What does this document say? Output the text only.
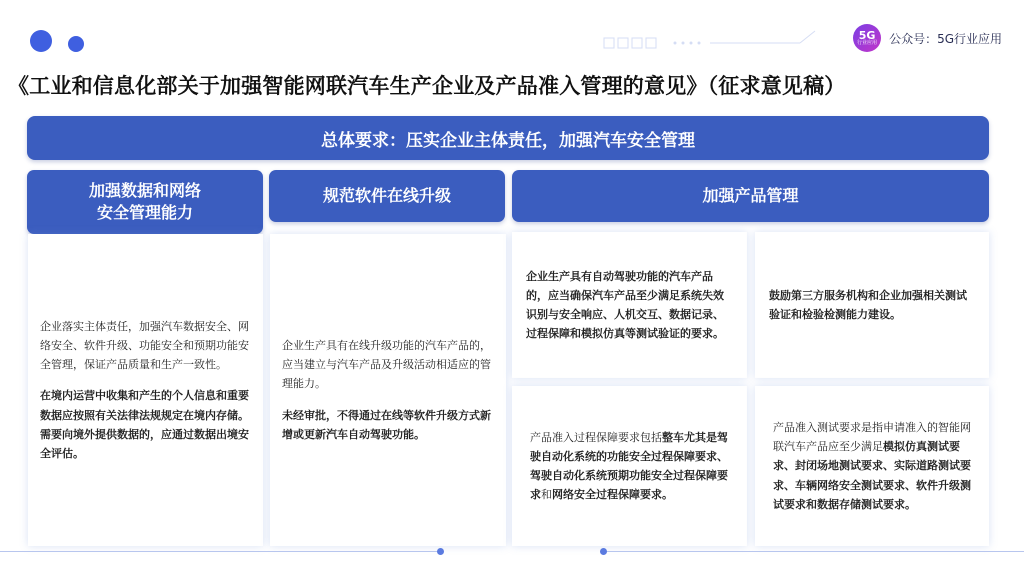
5G
行业应用 公众号：5G行业应用
《工业和信息化部关于加强智能网联汽车生产企业及产品准入管理的意见》（征求意见稿）
总体要求：压实企业主体责任，加强汽车安全管理
加强数据和网络
安全管理能力
规范软件在线升级	加强产品管理

企业落实主体责任，加强汽车数据安全、网络安全、软件升级、功能安全和预期功能安全管理，保证产品质量和生产一致性。

在境内运营中收集和产生的个人信息和重要数据应按照有关法律法规规定在境内存储。需要向境外提供数据的，应通过数据出境安全评估。

企业生产具有在线升级功能的汽车产品的，应当建立与汽车产品及升级活动相适应的管理能力。

未经审批，不得通过在线等软件升级方式新增或更新汽车自动驾驶功能。

企业生产具有自动驾驶功能的汽车产品的，应当确保汽车产品至少满足系统失效识别与安全响应、人机交互、数据记录、过程保障和模拟仿真等测试验证的要求。

鼓励第三方服务机构和企业加强相关测试验证和检验检测能力建设。

产品准入过程保障要求包括整车尤其是驾驶自动化系统的功能安全过程保障要求、驾驶自动化系统预期功能安全过程保障要求和网络安全过程保障要求。

产品准入测试要求是指申请准入的智能网联汽车产品应至少满足模拟仿真测试要求、封闭场地测试要求、实际道路测试要求、车辆网络安全测试要求、软件升级测试要求和数据存储测试要求。
